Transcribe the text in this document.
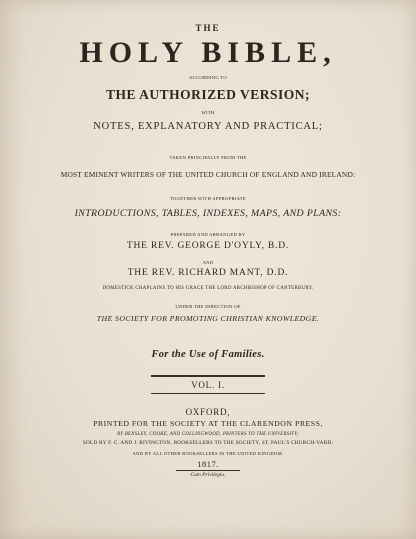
THE
HOLY BIBLE,
ACCORDING TO
THE AUTHORIZED VERSION;
WITH
NOTES, EXPLANATORY AND PRACTICAL;
TAKEN PRINCIPALLY FROM THE
MOST EMINENT WRITERS OF THE UNITED CHURCH OF ENGLAND AND IRELAND:
TOGETHER WITH APPROPRIATE
INTRODUCTIONS, TABLES, INDEXES, MAPS, AND PLANS:
PREPARED AND ARRANGED BY
THE REV. GEORGE D'OYLY, B.D.
AND
THE REV. RICHARD MANT, D.D.
DOMESTICK CHAPLAINS TO HIS GRACE THE LORD ARCHBISHOP OF CANTERBURY.
UNDER THE DIRECTION OF
THE SOCIETY FOR PROMOTING CHRISTIAN KNOWLEDGE.
For the Use of Families.
VOL. I.
OXFORD,
PRINTED FOR THE SOCIETY AT THE CLARENDON PRESS,
BY BENSLEY, COOKE, AND COLLINGWOOD, PRINTERS TO THE UNIVERSITY;
SOLD BY F. C. AND J. RIVINGTON, BOOKSELLERS TO THE SOCIETY, ST. PAUL'S CHURCH-YARD;
AND BY ALL OTHER BOOKSELLERS IN THE UNITED KINGDOM.
1817.
Cum Privilegio.
